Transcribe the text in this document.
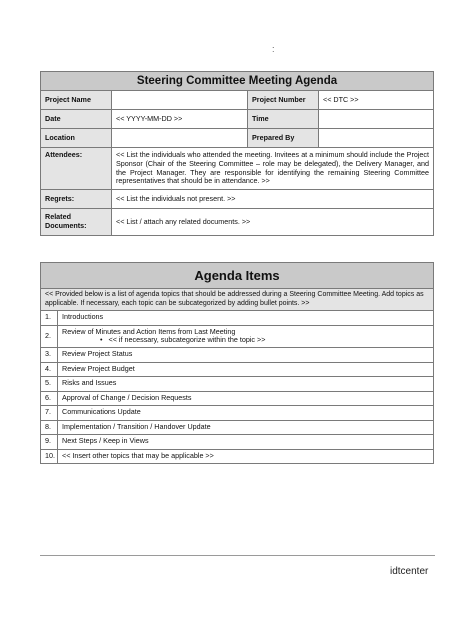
:
Steering Committee Meeting Agenda			
Project Name		Project Number	<< DTC >>
Date	<< YYYY-MM-DD >>	Time	
Location		Prepared By	
Attendees:	<< List the individuals who attended the meeting. Invitees at a minimum should include the Project Sponsor (Chair of the Steering Committee – role may be delegated), the Delivery Manager, and the Project Manager. They are responsible for identifying the remaining Steering Committee representatives that should be in attendance. >>		
Regrets:	<< List the individuals not present. >>		

Related
Documents:	<< List / attach any related documents. >>		
Agenda Items	
<< Provided below is a list of agenda topics that should be addressed during a Steering Committee Meeting. Add topics as applicable. If necessary, each topic can be subcategorized by adding bullet points. >>	
1.	Introductions

2.	Review of Minutes and Action Items from Last Meeting
• << if necessary, subcategorize within the topic >>

3.	Review Project Status

4.	Review Project Budget

5.	Risks and Issues

6.	Approval of Change / Decision Requests

7.	Communications Update

8.	Implementation / Transition / Handover Update

9.	Next Steps / Keep in Views

10.	<< Insert other topics that may be applicable >>
idtcenter
